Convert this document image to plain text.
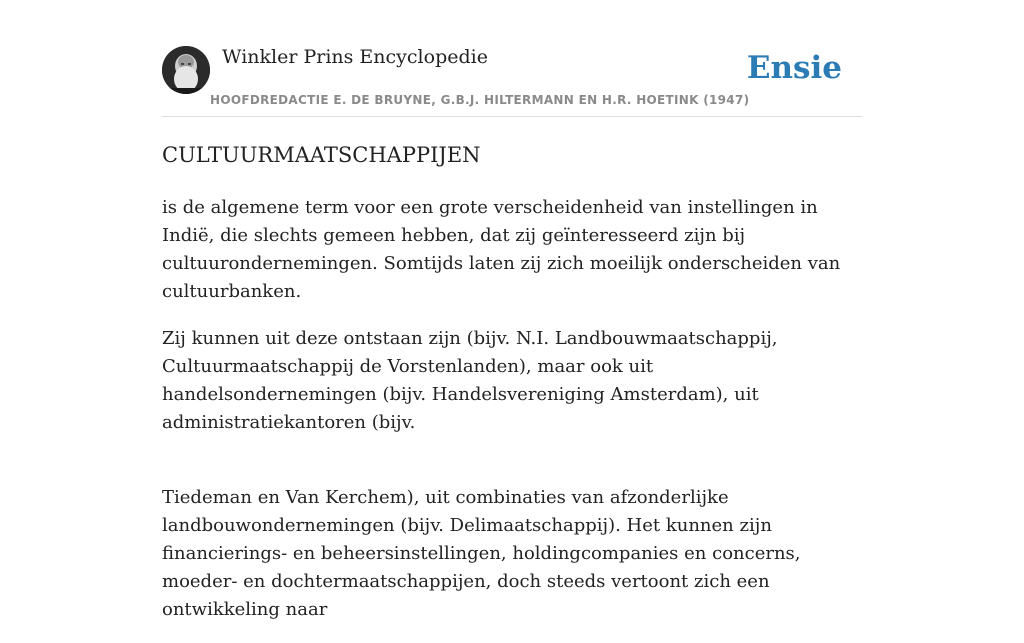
Winkler Prins Encyclopedie
HOOFDREDACTIE E. DE BRUYNE, G.B.J. HILTERMANN EN H.R. HOETINK (1947)
Ensie
CULTUURMAATSCHAPPIJEN

is de algemene term voor een grote verscheidenheid van instellingen in Indië, die slechts gemeen hebben, dat zij geïnteresseerd zijn bij cultuurondernemingen. Somtijds laten zij zich moeilijk onderscheiden van cultuurbanken.

Zij kunnen uit deze ontstaan zijn (bijv. N.I. Landbouwmaatschappij, Cultuurmaatschappij de Vorstenlanden), maar ook uit handelsondernemingen (bijv. Handelsvereniging Amsterdam), uit administratiekantoren (bijv.

Tiedeman en Van Kerchem), uit combinaties van afzonderlijke landbouwondernemingen (bijv. Delimaatschappij). Het kunnen zijn financierings- en beheersinstellingen, holdingcompanies en concerns, moeder- en dochtermaatschappijen, doch steeds vertoont zich een ontwikkeling naar
